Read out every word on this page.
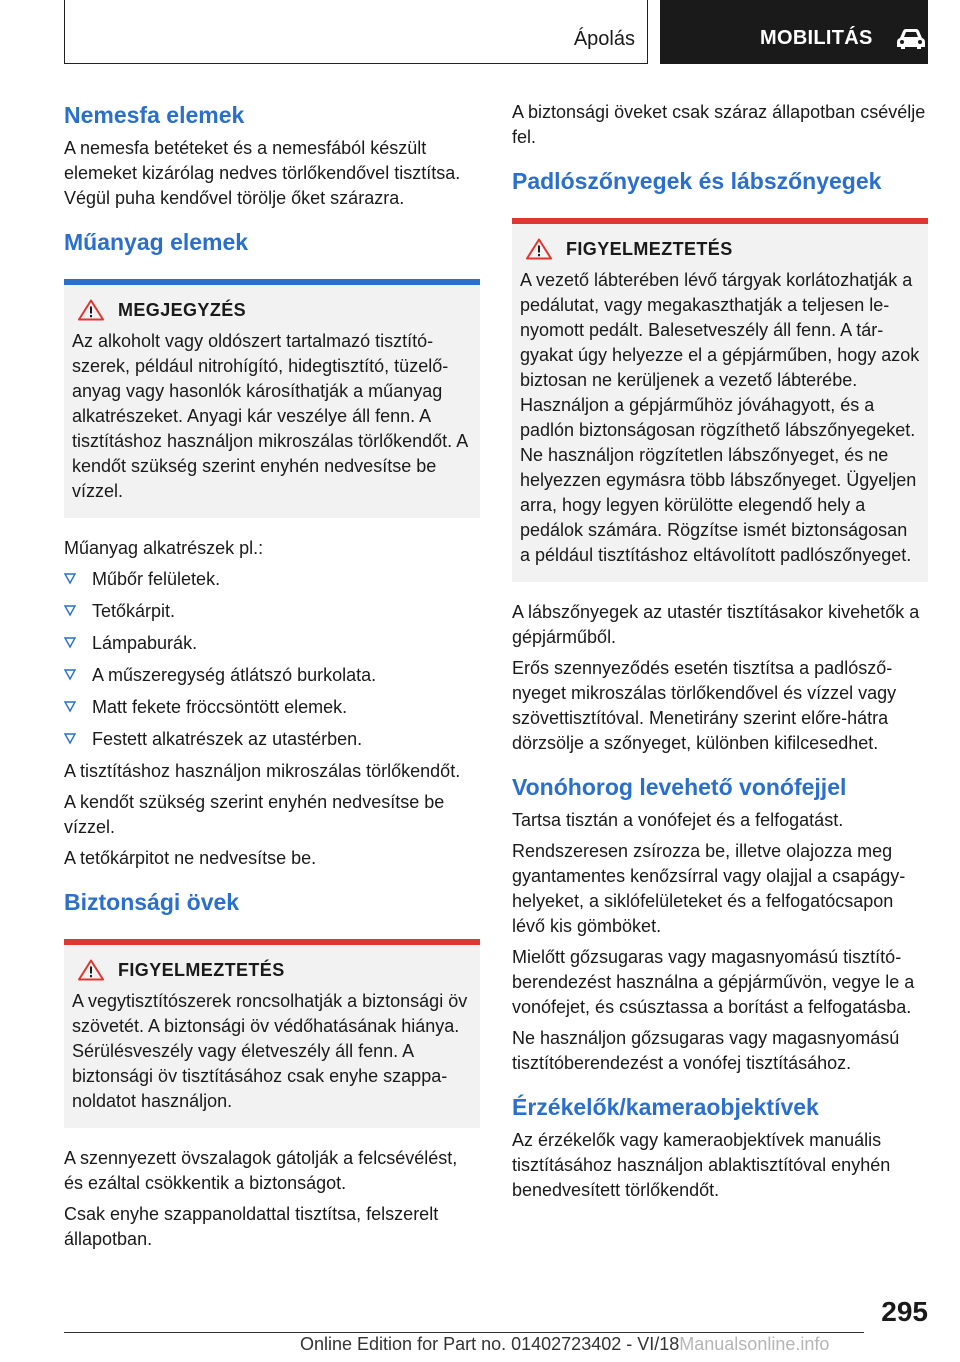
Ápolás	MOBILITÁS
Nemesfa elemek

A nemesfa betéteket és a nemesfából készült elemeket kizárólag nedves törlőkendővel tisztítsa. Végül puha kendővel törölje őket szárazra.

Műanyag elemek
MEGJEGYZÉS

Az alkoholt vagy oldószert tartalmazó tisztítószerek, például nitrohígító, hidegtisztító, tüzelőanyag vagy hasonlók károsíthatják a műanyag alkatrészeket. Anyagi kár veszélye áll fenn. A tisztításhoz használjon mikroszálas törlőkendőt. A kendőt szükség szerint enyhén nedvesítse be vízzel.

Műanyag alkatrészek pl.:

Műbőr felületek.
Tetőkárpit.
Lámpaburák.
A műszeregység átlátszó burkolata.
Matt fekete fröccsöntött elemek.
Festett alkatrészek az utastérben.

A tisztításhoz használjon mikroszálas törlőkendőt.

A kendőt szükség szerint enyhén nedvesítse be vízzel.

A tetőkárpitot ne nedvesítse be.

Biztonsági övek
FIGYELMEZTETÉS

A vegytisztítószerek roncsolhatják a biztonsági öv szövetét. A biztonsági öv védőhatásának hiánya. Sérülésveszély vagy életveszély áll fenn. A biztonsági öv tisztításához csak enyhe szappanoldatot használjon.

A szennyezett övszalagok gátolják a felcsévélést, és ezáltal csökkentik a biztonságot.

Csak enyhe szappanoldattal tisztítsa, felszerelt állapotban.

A biztonsági öveket csak száraz állapotban csévélje fel.

Padlószőnyegek és lábszőnyegek
FIGYELMEZTETÉS

A vezető lábterében lévő tárgyak korlátozhatják a pedálutat, vagy megakaszthatják a teljesen lenyomott pedált. Balesetveszély áll fenn. A tárgyakat úgy helyezze el a gépjárműben, hogy azok biztosan ne kerüljenek a vezető lábterébe. Használjon a gépjárműhöz jóváhagyott, és a padlón biztonságosan rögzíthető lábszőnyegeket. Ne használjon rögzítetlen lábszőnyeget, és ne helyezzen egymásra több lábszőnyeget. Ügyeljen arra, hogy legyen körülötte elegendő hely a pedálok számára. Rögzítse ismét biztonságosan a például tisztításhoz eltávolított padlószőnyeget.

A lábszőnyegek az utastér tisztításakor kivehetők a gépjárműből.

Erős szennyeződés esetén tisztítsa a padlószőnyeget mikroszálas törlőkendővel és vízzel vagy szövettisztítóval. Menetirány szerint előre-hátra dörzsölje a szőnyeget, különben kifilcesedhet.

Vonóhorog levehető vonófejjel

Tartsa tisztán a vonófejet és a felfogatást.

Rendszeresen zsírozza be, illetve olajozza meg gyantamentes kenőzsírral vagy olajjal a csapágyhelyeket, a siklófelületeket és a felfogatócsapon lévő kis gömböket.

Mielőtt gőzsugaras vagy magasnyomású tisztítóberendezést használna a gépjárművön, vegye le a vonófejet, és csúsztassa a borítást a felfogatásba.

Ne használjon gőzsugaras vagy magasnyomású tisztítóberendezést a vonófej tisztításához.

Érzékelők/kameraobjektívek

Az érzékelők vagy kameraobjektívek manuális tisztításához használjon ablaktisztítóval enyhén benedvesített törlőkendőt.

295
Online Edition for Part no. 01402723402 - VI/18Manualsonline.info
